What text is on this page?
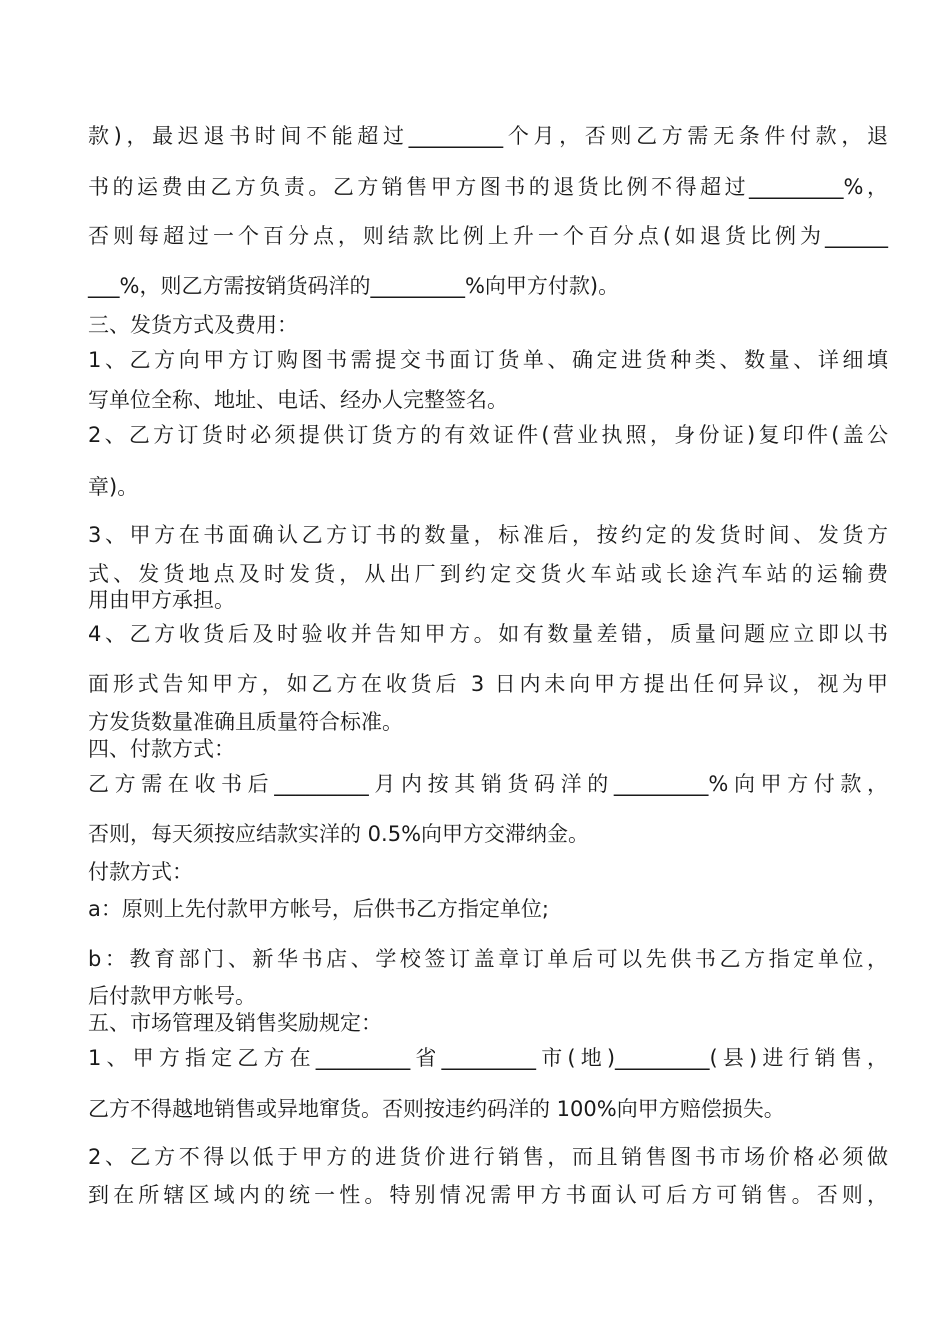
款)，最迟退书时间不能超过_________个月，否则乙方需无条件付款，退
书的运费由乙方负责。乙方销售甲方图书的退货比例不得超过_________%，
否则每超过一个百分点，则结款比例上升一个百分点(如退货比例为______
___%，则乙方需按销货码洋的_________%向甲方付款)。
三、发货方式及费用：
1、乙方向甲方订购图书需提交书面订货单、确定进货种类、数量、详细填
写单位全称、地址、电话、经办人完整签名。
2、乙方订货时必须提供订货方的有效证件(营业执照，身份证)复印件(盖公
章)。
3、甲方在书面确认乙方订书的数量，标准后，按约定的发货时间、发货方
式、发货地点及时发货，从出厂到约定交货火车站或长途汽车站的运输费
用由甲方承担。
4、乙方收货后及时验收并告知甲方。如有数量差错，质量问题应立即以书
面形式告知甲方，如乙方在收货后 3 日内未向甲方提出任何异议，视为甲
方发货数量准确且质量符合标准。
四、付款方式：
乙方需在收书后_________月内按其销货码洋的_________%向甲方付款，
否则，每天须按应结款实洋的 0.5%向甲方交滞纳金。
付款方式：
a：原则上先付款甲方帐号，后供书乙方指定单位;
b：教育部门、新华书店、学校签订盖章订单后可以先供书乙方指定单位，
后付款甲方帐号。
五、市场管理及销售奖励规定：
1、甲方指定乙方在_________省_________市(地)_________(县)进行销售，
乙方不得越地销售或异地窜货。否则按违约码洋的 100%向甲方赔偿损失。
2、乙方不得以低于甲方的进货价进行销售，而且销售图书市场价格必须做
到在所辖区域内的统一性。特别情况需甲方书面认可后方可销售。否则，
